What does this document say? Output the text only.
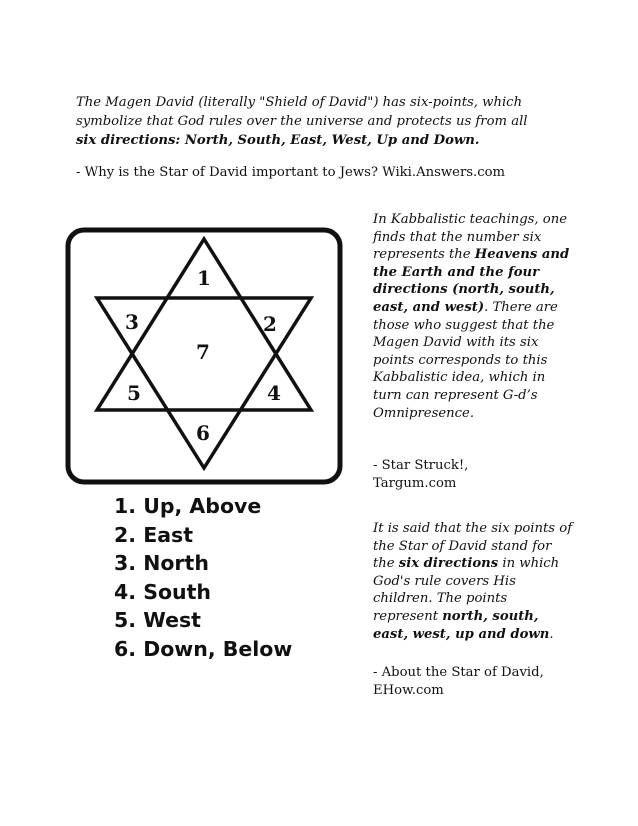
The Magen David (literally "Shield of David") has six-points, which
symbolize that God rules over the universe and protects us from all
six directions: North, South, East, West, Up and Down.

- Why is the Star of David important to Jews? Wiki.Answers.com

1
2
3
4
5
6
7
1. Up, Above
2. East
3. North
4. South
5. West
6. Down, Below

In Kabbalistic teachings, one finds that the number six represents the Heavens and the Earth and the four directions (north, south, east, and west). There are those who suggest that the Magen David with its six points corresponds to this Kabbalistic idea, which in turn can represent G-d’s Omnipresence.

- Star Struck!,
Targum.com

It is said that the six points of the Star of David stand for the six directions in which God's rule covers His children. The points represent north, south, east, west, up and down.

- About the Star of David,
EHow.com
